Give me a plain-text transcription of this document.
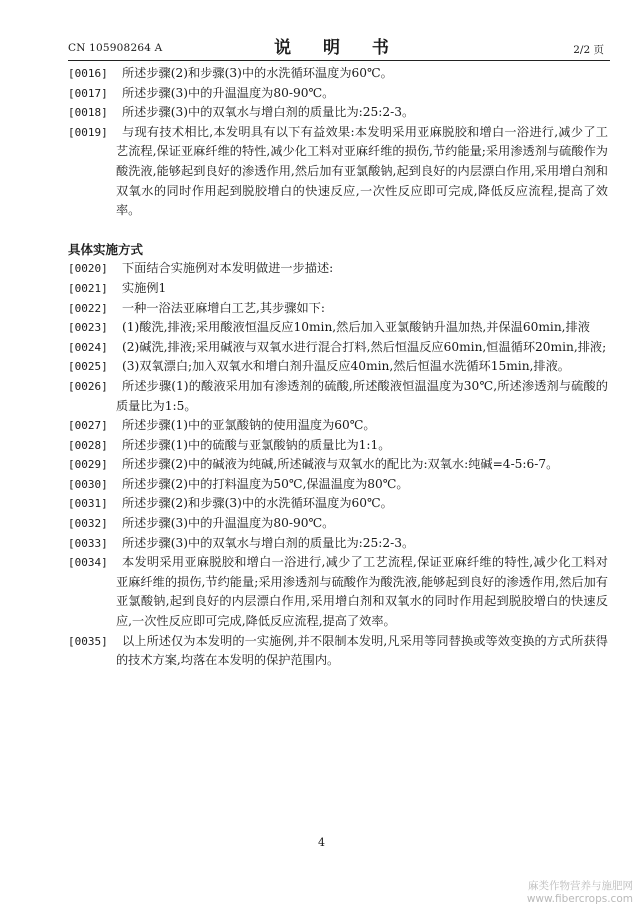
CN 105908264 A	说 明 书	2/2 页
[0016]	所述步骤(2)和步骤(3)中的水洗循环温度为60℃。
[0017]	所述步骤(3)中的升温温度为80-90℃。
[0018]	所述步骤(3)中的双氧水与增白剂的质量比为:25:2-3。
[0019]	与现有技术相比,本发明具有以下有益效果:本发明采用亚麻脱胶和增白一浴进行,减少了工艺流程,保证亚麻纤维的特性,减少化工料对亚麻纤维的损伤,节约能量;采用渗透剂与硫酸作为酸洗液,能够起到良好的渗透作用,然后加有亚氯酸钠,起到良好的内层漂白作用,采用增白剂和双氧水的同时作用起到脱胶增白的快速反应,一次性反应即可完成,降低反应流程,提高了效率。
具体实施方式
[0020]	下面结合实施例对本发明做进一步描述:
[0021]	实施例1
[0022]	一种一浴法亚麻增白工艺,其步骤如下:
[0023]	(1)酸洗,排液;采用酸液恒温反应10min,然后加入亚氯酸钠升温加热,并保温60min,排液
[0024]	(2)碱洗,排液;采用碱液与双氧水进行混合打料,然后恒温反应60min,恒温循环20min,排液;
[0025]	(3)双氧漂白;加入双氧水和增白剂升温反应40min,然后恒温水洗循环15min,排液。
[0026]	所述步骤(1)的酸液采用加有渗透剂的硫酸,所述酸液恒温温度为30℃,所述渗透剂与硫酸的质量比为1:5。
[0027]	所述步骤(1)中的亚氯酸钠的使用温度为60℃。
[0028]	所述步骤(1)中的硫酸与亚氯酸钠的质量比为1:1。
[0029]	所述步骤(2)中的碱液为纯碱,所述碱液与双氧水的配比为:双氧水:纯碱=4-5:6-7。
[0030]	所述步骤(2)中的打料温度为50℃,保温温度为80℃。
[0031]	所述步骤(2)和步骤(3)中的水洗循环温度为60℃。
[0032]	所述步骤(3)中的升温温度为80-90℃。
[0033]	所述步骤(3)中的双氧水与增白剂的质量比为:25:2-3。
[0034]	本发明采用亚麻脱胶和增白一浴进行,减少了工艺流程,保证亚麻纤维的特性,减少化工料对亚麻纤维的损伤,节约能量;采用渗透剂与硫酸作为酸洗液,能够起到良好的渗透作用,然后加有亚氯酸钠,起到良好的内层漂白作用,采用增白剂和双氧水的同时作用起到脱胶增白的快速反应,一次性反应即可完成,降低反应流程,提高了效率。
[0035]	以上所述仅为本发明的一实施例,并不限制本发明,凡采用等同替换或等效变换的方式所获得的技术方案,均落在本发明的保护范围内。
4
麻类作物营养与施肥网
www.fibercrops.com
